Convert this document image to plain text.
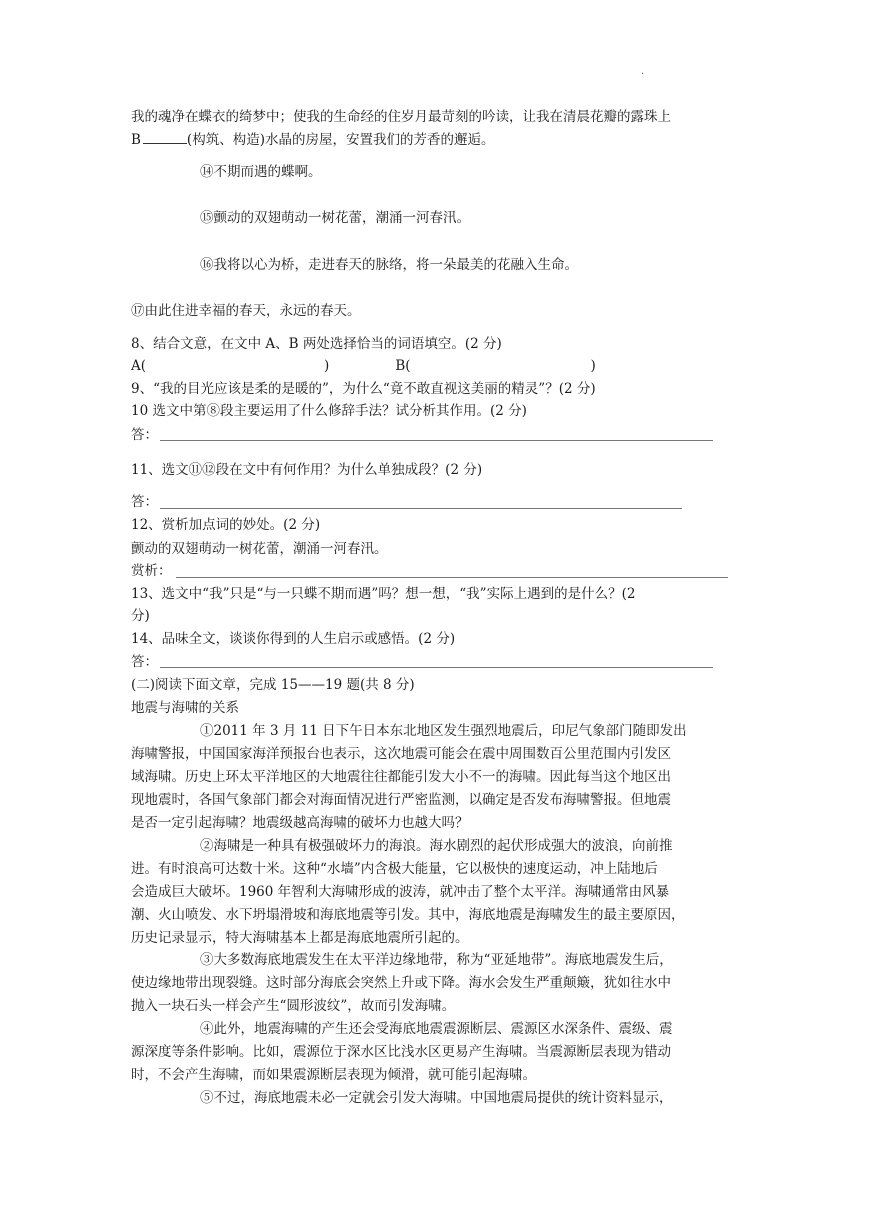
.
我的魂净在蝶衣的绮梦中；使我的生命经的住岁月最苛刻的吟读，让我在清晨花瓣的露珠上
B	(构筑、构造)水晶的房屋，安置我们的芳香的邂逅。
⑭不期而遇的蝶啊。
⑮颤动的双翅萌动一树花蕾，潮涌一河春汛。
⑯我将以心为桥，走进春天的脉络，将一朵最美的花融入生命。
⑰由此住进幸福的春天，永远的春天。
8、结合文意，在文中 A、B 两处选择恰当的词语填空。(2 分)
A(	)	B(	)
9、“我的目光应该是柔的是暖的”，为什么“竟不敢直视这美丽的精灵”？(2 分)
10 选文中第⑧段主要运用了什么修辞手法？试分析其作用。(2 分)
答：
11、选文⑪⑫段在文中有何作用？为什么单独成段？(2 分)
答：
12、赏析加点词的妙处。(2 分)
颤动的双翅萌动一树花蕾，潮涌一河春汛。
赏析：
13、选文中“我”只是“与一只蝶不期而遇”吗？想一想，“我”实际上遇到的是什么？(2
分)
14、品味全文，谈谈你得到的人生启示或感悟。(2 分)
答：
(二)阅读下面文章，完成 15——19 题(共 8 分)
地震与海啸的关系
①2011 年 3 月 11 日下午日本东北地区发生强烈地震后，印尼气象部门随即发出
海啸警报，中国国家海洋预报台也表示，这次地震可能会在震中周围数百公里范围内引发区
域海啸。历史上环太平洋地区的大地震往往都能引发大小不一的海啸。因此每当这个地区出
现地震时，各国气象部门都会对海面情况进行严密监测，以确定是否发布海啸警报。但地震
是否一定引起海啸？地震级越高海啸的破坏力也越大吗？
②海啸是一种具有极强破坏力的海浪。海水剧烈的起伏形成强大的波浪，向前推
进。有时浪高可达数十米。这种“水墙”内含极大能量，它以极快的速度运动，冲上陆地后
会造成巨大破坏。1960 年智利大海啸形成的波涛，就冲击了整个太平洋。海啸通常由风暴
潮、火山喷发、水下坍塌滑坡和海底地震等引发。其中，海底地震是海啸发生的最主要原因，
历史记录显示，特大海啸基本上都是海底地震所引起的。
③大多数海底地震发生在太平洋边缘地带，称为“亚延地带”。海底地震发生后，
使边缘地带出现裂缝。这时部分海底会突然上升或下降。海水会发生严重颠簸，犹如往水中
抛入一块石头一样会产生“圆形波纹”，故而引发海啸。
④此外，地震海啸的产生还会受海底地震震源断层、震源区水深条件、震级、震
源深度等条件影响。比如，震源位于深水区比浅水区更易产生海啸。当震源断层表现为错动
时，不会产生海啸，而如果震源断层表现为倾滑，就可能引起海啸。
⑤不过，海底地震未必一定就会引发大海啸。中国地震局提供的统计资料显示，
